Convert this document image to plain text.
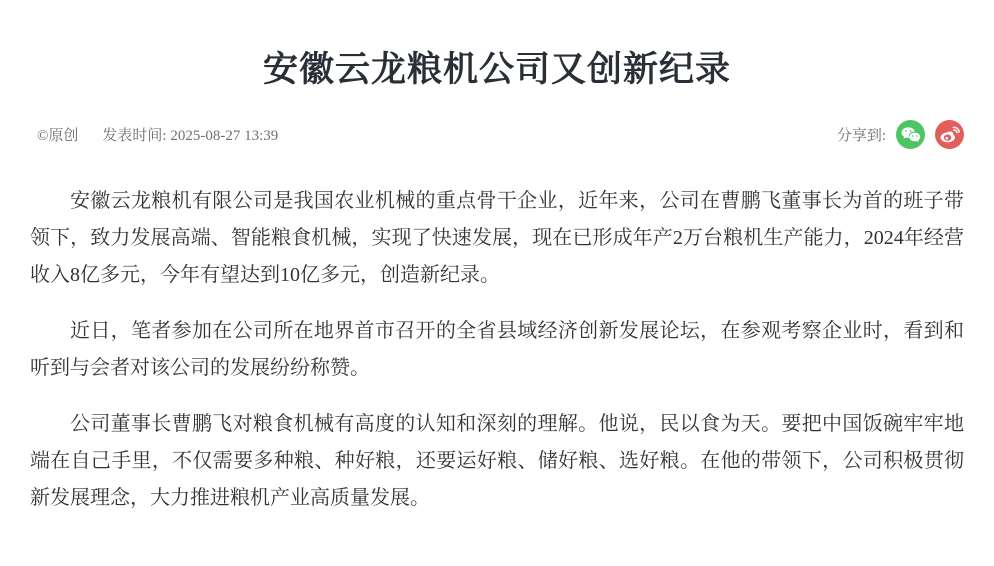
安徽云龙粮机公司又创新纪录
©原创 发表时间: 2025-08-27 13:39	分享到:

安徽云龙粮机有限公司是我国农业机械的重点骨干企业，近年来，公司在曹鹏飞董事长为首的班子带领下，致力发展高端、智能粮食机械，实现了快速发展，现在已形成年产2万台粮机生产能力，2024年经营收入8亿多元，今年有望达到10亿多元，创造新纪录。

近日，笔者参加在公司所在地界首市召开的全省县域经济创新发展论坛，在参观考察企业时，看到和听到与会者对该公司的发展纷纷称赞。

公司董事长曹鹏飞对粮食机械有高度的认知和深刻的理解。他说，民以食为天。要把中国饭碗牢牢地端在自己手里，不仅需要多种粮、种好粮，还要运好粮、储好粮、选好粮。在他的带领下，公司积极贯彻新发展理念，大力推进粮机产业高质量发展。
